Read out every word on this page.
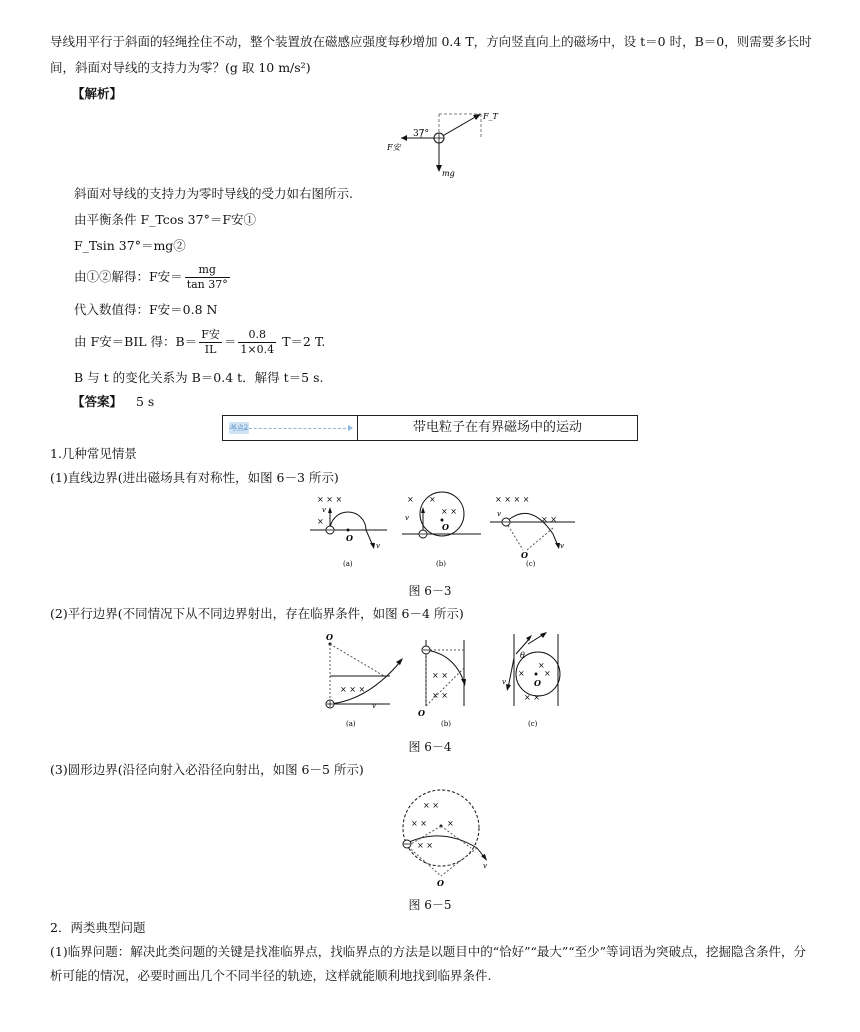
导线用平行于斜面的轻绳拴住不动，整个装置放在磁感应强度每秒增加 0.4 T，方向竖直向上的磁场中，设 t＝0 时，B＝0，则需要多长时
间，斜面对导线的支持力为零？(g 取 10 m/s²)
【解析】
37°
F_T
F安
mg
斜面对导线的支持力为零时导线的受力如右图所示.
由平衡条件 F_Tcos 37°＝F安①
F_Tsin 37°＝mg②
由①②解得：F安＝ $\frac{mg}{\tan 37^\circ}$
代入数值得：F安＝0.8 N
由 F安＝BIL 得：$B= \frac{\text{F安}}{IL} = \frac{0.8}{1\times 0.4} T=2$ T.
B 与 t 的变化关系为 B＝0.4 t．解得 t＝5 s.
【答案】 5 s
考点2	带电粒子在有界磁场中的运动
1.几种常见情景
(1)直线边界(进出磁场具有对称性，如图 6－3 所示)
× × ×
×
O
v
v
(a)
× ×
× ×
O
v
(b)
× × × ×
× ×
O
v
v
(c)
图 6－3
(2)平行边界(不同情况下从不同边界射出，存在临界条件，如图 6－4 所示)
O
× × ×
v
(a)
× ×
× ×
O
(b)
O
θ
×
× ×
× ×
v
(c)
图 6－4
(3)圆形边界(沿径向射入必沿径向射出，如图 6－5 所示)
× ×
× ×	×
× ×
O
v
图 6－5
2．两类典型问题
(1)临界问题：解决此类问题的关键是找准临界点，找临界点的方法是以题目中的“恰好”“最大”“至少”等词语为突破点，挖掘隐含条件，分析可能的情况，必要时画出几个不同半径的轨迹，这样就能顺利地找到临界条件.
